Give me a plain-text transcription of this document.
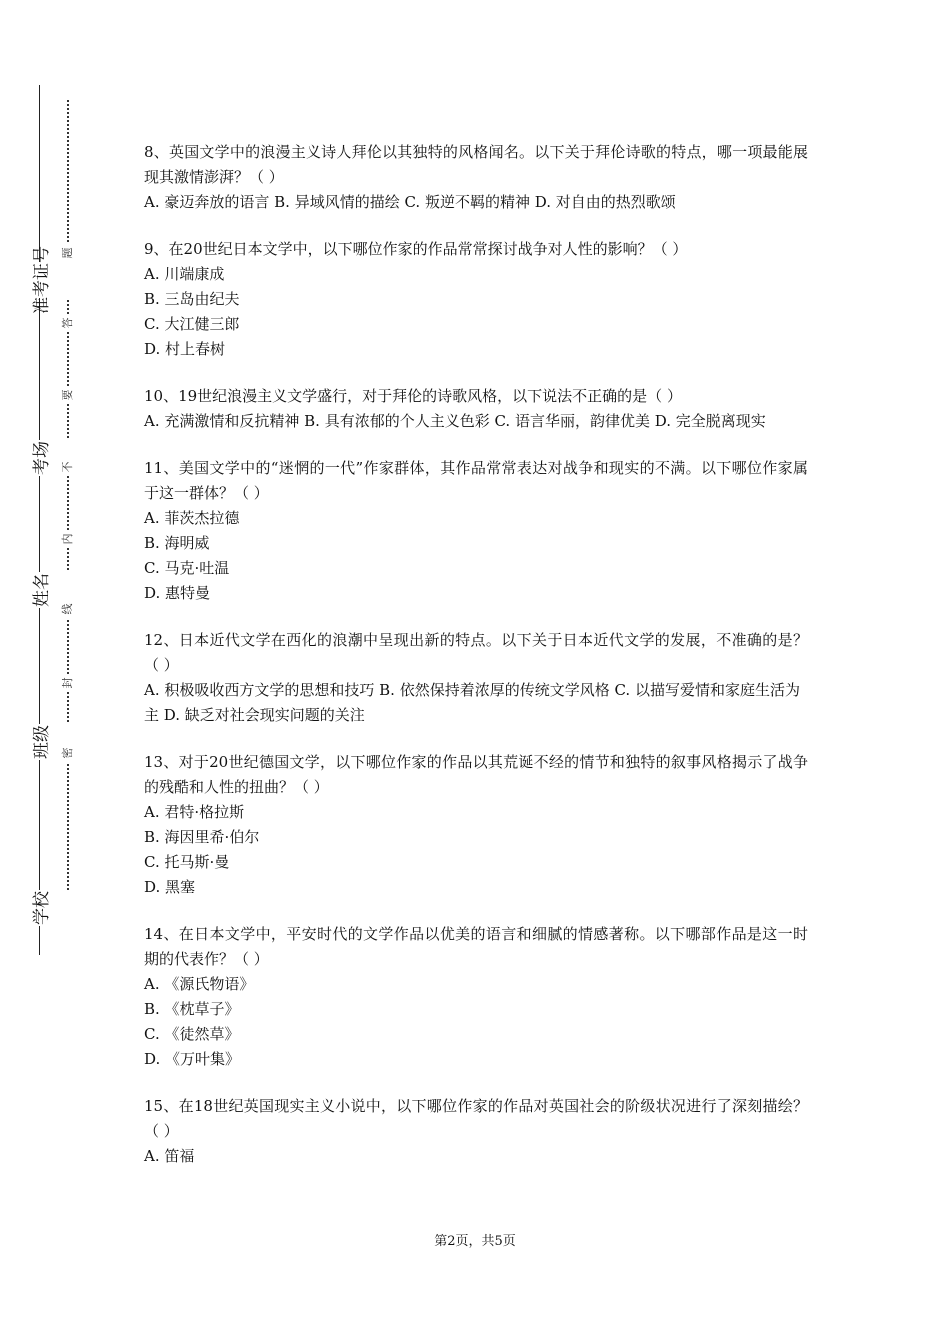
准考证号
考场
姓名
班级
学校
题
答
要
不
内
线
封
密

8、英国文学中的浪漫主义诗人拜伦以其独特的风格闻名。以下关于拜伦诗歌的特点，哪一项最能展现其激情澎湃？（ ）

A. 豪迈奔放的语言 B. 异域风情的描绘 C. 叛逆不羁的精神 D. 对自由的热烈歌颂

9、在20世纪日本文学中，以下哪位作家的作品常常探讨战争对人性的影响？（ ）

A. 川端康成

B. 三岛由纪夫

C. 大江健三郎

D. 村上春树

10、19世纪浪漫主义文学盛行，对于拜伦的诗歌风格，以下说法不正确的是（ ）

A. 充满激情和反抗精神 B. 具有浓郁的个人主义色彩 C. 语言华丽，韵律优美 D. 完全脱离现实

11、美国文学中的“迷惘的一代”作家群体，其作品常常表达对战争和现实的不满。以下哪位作家属于这一群体？（ ）

A. 菲茨杰拉德

B. 海明威

C. 马克·吐温

D. 惠特曼

12、日本近代文学在西化的浪潮中呈现出新的特点。以下关于日本近代文学的发展，不准确的是？（ ）

A. 积极吸收西方文学的思想和技巧 B. 依然保持着浓厚的传统文学风格 C. 以描写爱情和家庭生活为主 D. 缺乏对社会现实问题的关注

13、对于20世纪德国文学，以下哪位作家的作品以其荒诞不经的情节和独特的叙事风格揭示了战争的残酷和人性的扭曲？（ ）

A. 君特·格拉斯

B. 海因里希·伯尔

C. 托马斯·曼

D. 黑塞

14、在日本文学中，平安时代的文学作品以优美的语言和细腻的情感著称。以下哪部作品是这一时期的代表作？（ ）

A. 《源氏物语》

B. 《枕草子》

C. 《徒然草》

D. 《万叶集》

15、在18世纪英国现实主义小说中，以下哪位作家的作品对英国社会的阶级状况进行了深刻描绘？（ ）

A. 笛福

第2页，共5页
